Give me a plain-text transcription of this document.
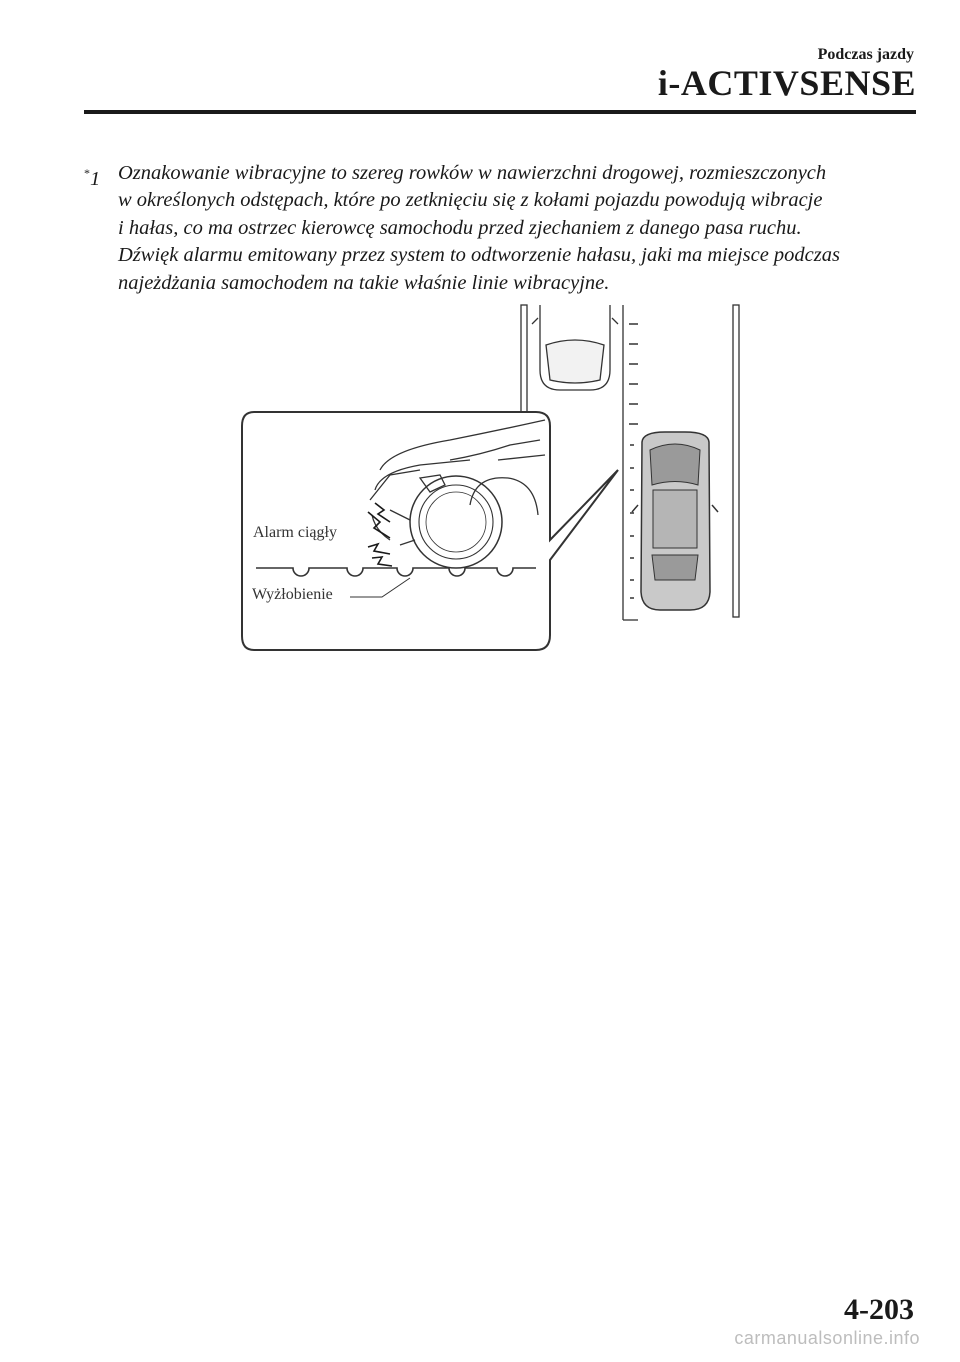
Podczas jazdy
i-ACTIVSENSE
*1 Oznakowanie wibracyjne to szereg rowków w nawierzchni drogowej, rozmieszczonych
w określonych odstępach, które po zetknięciu się z kołami pojazdu powodują wibracje
i hałas, co ma ostrzec kierowcę samochodu przed zjechaniem z danego pasa ruchu.
Dźwięk alarmu emitowany przez system to odtworzenie hałasu, jaki ma miejsce podczas
najeżdżania samochodem na takie właśnie linie wibracyjne.
Alarm ciągły
Wyżłobienie
4-203
carmanualsonline.info
